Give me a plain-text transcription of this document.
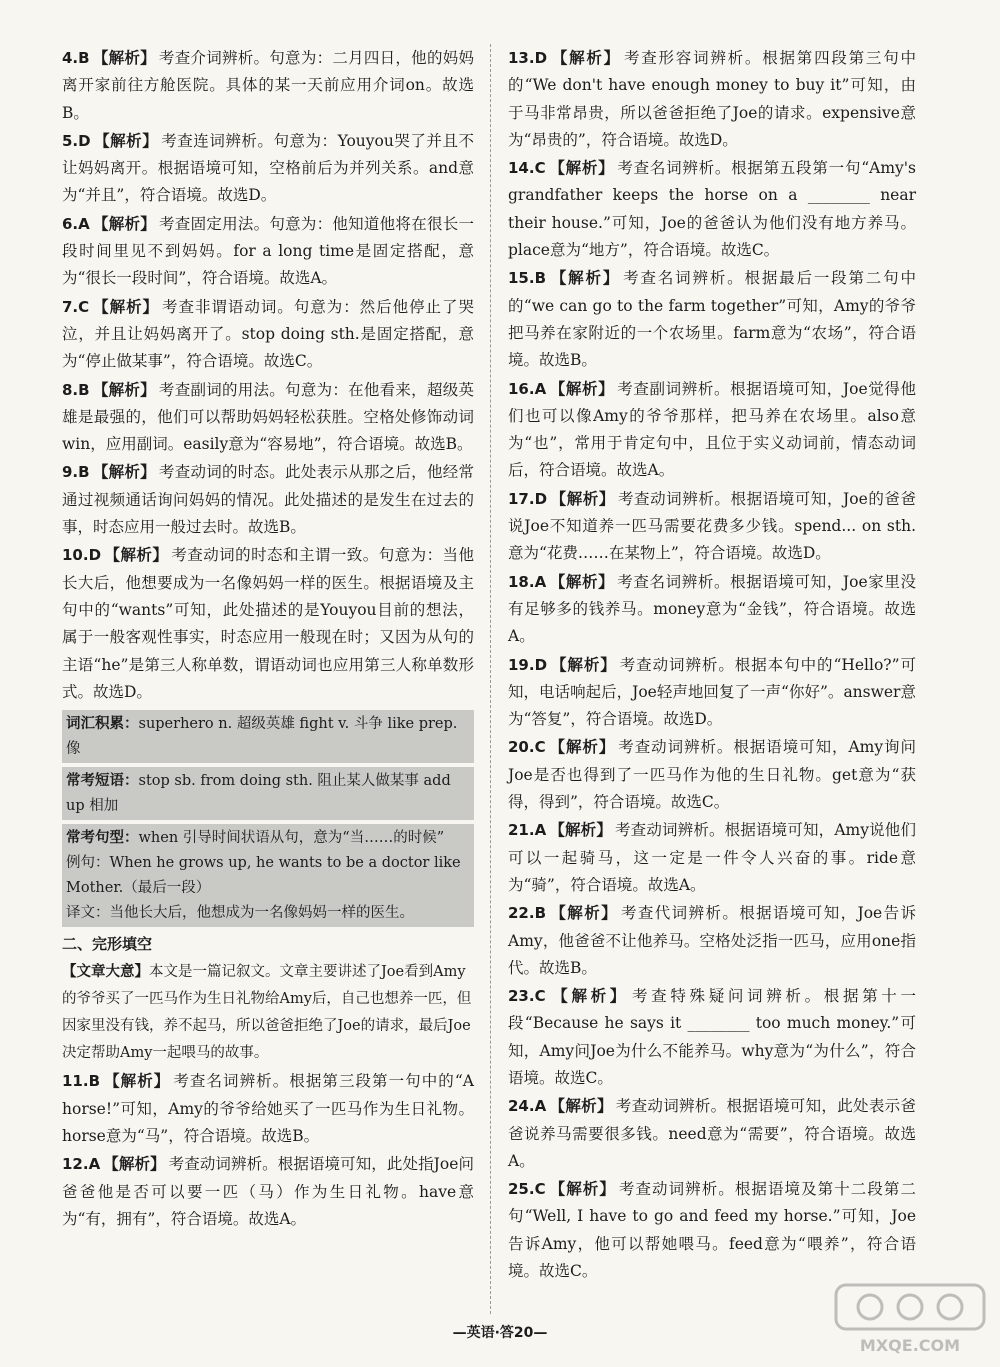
4.B 【解析】 考查介词辨析。句意为：二月四日，他的妈妈离开家前往方舱医院。具体的某一天前应用介词on。故选B。
5.D 【解析】 考查连词辨析。句意为：Youyou哭了并且不让妈妈离开。根据语境可知，空格前后为并列关系。and意为“并且”，符合语境。故选D。
6.A 【解析】 考查固定用法。句意为：他知道他将在很长一段时间里见不到妈妈。for a long time是固定搭配，意为“很长一段时间”，符合语境。故选A。
7.C 【解析】 考查非谓语动词。句意为：然后他停止了哭泣，并且让妈妈离开了。stop doing sth.是固定搭配，意为“停止做某事”，符合语境。故选C。
8.B 【解析】 考查副词的用法。句意为：在他看来，超级英雄是最强的，他们可以帮助妈妈轻松获胜。空格处修饰动词win，应用副词。easily意为“容易地”，符合语境。故选B。
9.B 【解析】 考查动词的时态。此处表示从那之后，他经常通过视频通话询问妈妈的情况。此处描述的是发生在过去的事，时态应用一般过去时。故选B。
10.D 【解析】 考查动词的时态和主谓一致。句意为：当他长大后，他想要成为一名像妈妈一样的医生。根据语境及主句中的“wants”可知，此处描述的是Youyou目前的想法，属于一般客观性事实，时态应用一般现在时；又因为从句的主语“he”是第三人称单数，谓语动词也应用第三人称单数形式。故选D。
词汇积累：superhero n. 超级英雄 fight v. 斗争 like prep. 像
常考短语：stop sb. from doing sth. 阻止某人做某事 add up 相加
常考句型：when 引导时间状语从句，意为“当……的时候”
例句：When he grows up, he wants to be a doctor like Mother.（最后一段）
译文：当他长大后，他想成为一名像妈妈一样的医生。
二、完形填空
【文章大意】本文是一篇记叙文。文章主要讲述了Joe看到Amy的爷爷买了一匹马作为生日礼物给Amy后，自己也想养一匹，但因家里没有钱，养不起马，所以爸爸拒绝了Joe的请求，最后Joe决定帮助Amy一起喂马的故事。
11.B 【解析】 考查名词辨析。根据第三段第一句中的“A horse!”可知，Amy的爷爷给她买了一匹马作为生日礼物。horse意为“马”，符合语境。故选B。
12.A 【解析】 考查动词辨析。根据语境可知，此处指Joe问爸爸他是否可以要一匹（马）作为生日礼物。have意为“有，拥有”，符合语境。故选A。
13.D 【解析】 考查形容词辨析。根据第四段第三句中的“We don't have enough money to buy it”可知，由于马非常昂贵，所以爸爸拒绝了Joe的请求。expensive意为“昂贵的”，符合语境。故选D。
14.C 【解析】 考查名词辨析。根据第五段第一句“Amy's grandfather keeps the horse on a ________ near their house.”可知，Joe的爸爸认为他们没有地方养马。place意为“地方”，符合语境。故选C。
15.B 【解析】 考查名词辨析。根据最后一段第二句中的“we can go to the farm together”可知，Amy的爷爷把马养在家附近的一个农场里。farm意为“农场”，符合语境。故选B。
16.A 【解析】 考查副词辨析。根据语境可知，Joe觉得他们也可以像Amy的爷爷那样，把马养在农场里。also意为“也”，常用于肯定句中，且位于实义动词前，情态动词后，符合语境。故选A。
17.D 【解析】 考查动词辨析。根据语境可知，Joe的爸爸说Joe不知道养一匹马需要花费多少钱。spend... on sth.意为“花费……在某物上”，符合语境。故选D。
18.A 【解析】 考查名词辨析。根据语境可知，Joe家里没有足够多的钱养马。money意为“金钱”，符合语境。故选A。
19.D 【解析】 考查动词辨析。根据本句中的“Hello?”可知，电话响起后，Joe轻声地回复了一声“你好”。answer意为“答复”，符合语境。故选D。
20.C 【解析】 考查动词辨析。根据语境可知，Amy询问Joe是否也得到了一匹马作为他的生日礼物。get意为“获得，得到”，符合语境。故选C。
21.A 【解析】 考查动词辨析。根据语境可知，Amy说他们可以一起骑马，这一定是一件令人兴奋的事。ride意为“骑”，符合语境。故选A。
22.B 【解析】 考查代词辨析。根据语境可知，Joe告诉Amy，他爸爸不让他养马。空格处泛指一匹马，应用one指代。故选B。
23.C 【解析】 考查特殊疑问词辨析。根据第十一段“Because he says it ________ too much money.”可知，Amy问Joe为什么不能养马。why意为“为什么”，符合语境。故选C。
24.A 【解析】 考查动词辨析。根据语境可知，此处表示爸爸说养马需要很多钱。need意为“需要”，符合语境。故选A。
25.C 【解析】 考查动词辨析。根据语境及第十二段第二句“Well, I have to go and feed my horse.”可知，Joe告诉Amy，他可以帮她喂马。feed意为“喂养”，符合语境。故选C。
—英语·答20—
MXQE.COM
